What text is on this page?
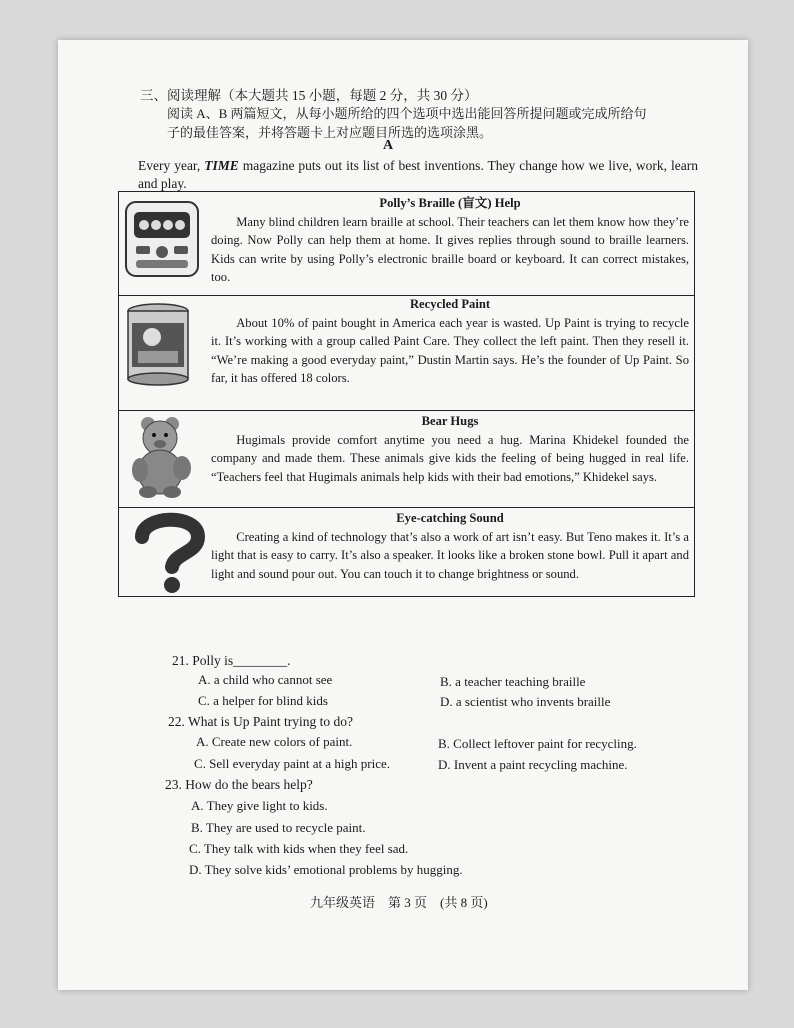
三、阅读理解（本大题共 15 小题，每题 2 分，共 30 分）
阅读 A、B 两篇短文，从每小题所给的四个选项中选出能回答所提问题或完成所给句子的最佳答案，并将答题卡上对应题目所选的选项涂黑。
A
Every year, TIME magazine puts out its list of best inventions. They change how we live, work, learn and play.
Polly’s Braille (盲文) Help

Many blind children learn braille at school. Their teachers can let them know how they’re doing. Now Polly can help them at home. It gives replies through sound to braille learners. Kids can write by using Polly’s electronic braille board or keyboard. It can correct mistakes, too.

Recycled Paint

About 10% of paint bought in America each year is wasted. Up Paint is trying to recycle it. It’s working with a group called Paint Care. They collect the left paint. Then they resell it. “We’re making a good everyday paint,” Dustin Martin says. He’s the founder of Up Paint. So far, it has offered 18 colors.

Bear Hugs

Hugimals provide comfort anytime you need a hug. Marina Khidekel founded the company and made them. These animals give kids the feeling of being hugged in real life. “Teachers feel that Hugimals animals help kids with their bad emotions,” Khidekel says.

Eye-catching Sound

Creating a kind of technology that’s also a work of art isn’t easy. But Teno makes it. It’s a light that is easy to carry. It’s also a speaker. It looks like a broken stone bowl. Pull it apart and light and sound pour out. You can touch it to change brightness or sound.

21. Polly is________.
A. a child who cannot see	B. a teacher teaching braille
C. a helper for blind kids	D. a scientist who invents braille
22. What is Up Paint trying to do?
A. Create new colors of paint.	B. Collect leftover paint for recycling.
C. Sell everyday paint at a high price.	D. Invent a paint recycling machine.
23. How do the bears help?
A. They give light to kids.
B. They are used to recycle paint.
C. They talk with kids when they feel sad.
D. They solve kids’ emotional problems by hugging.
九年级英语　第 3 页　(共 8 页)
